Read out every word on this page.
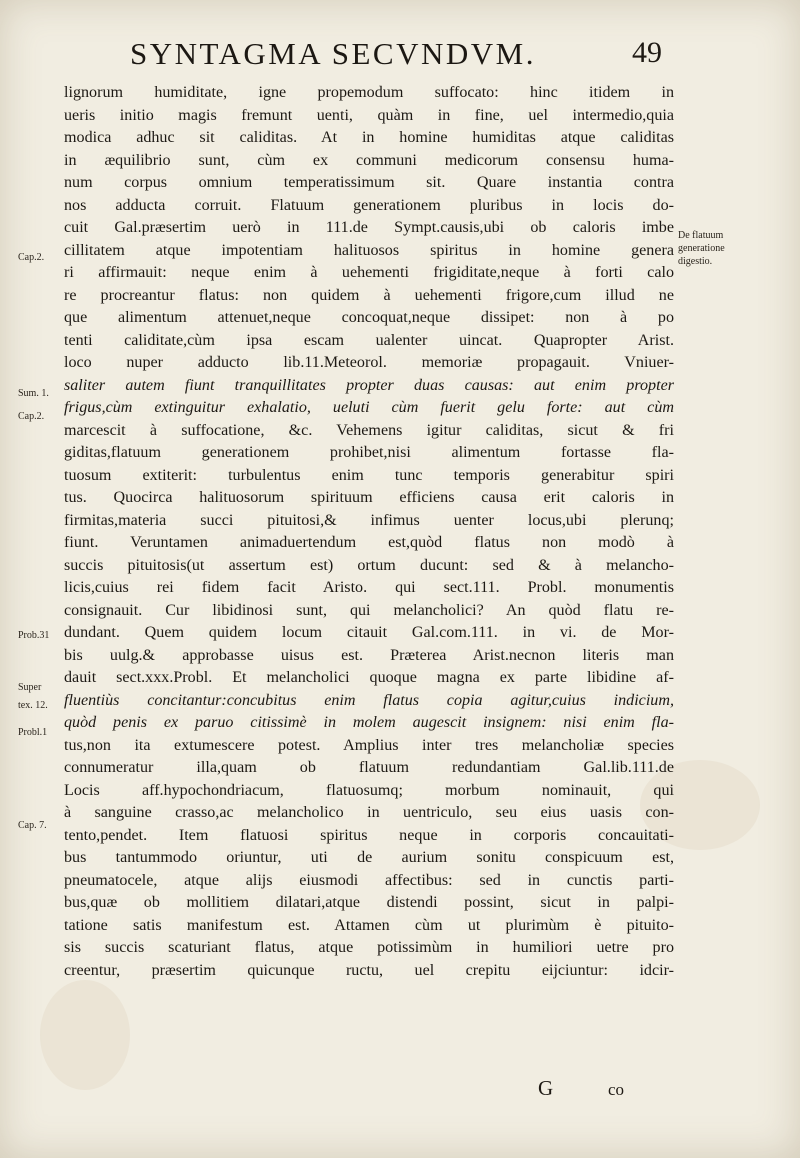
SYNTAGMA SECVNDVM.	49
Cap.2.
Sum. 1.
Cap.2.
Prob.31
Super
tex. 12.
Probl.1
Cap. 7.
De flatuum
generatione
digestio.
lignorum humiditate, igne propemodum suffocato: hinc itidem in
ueris initio magis fremunt uenti, quàm in fine, uel intermedio,quia
modica adhuc sit caliditas. At in homine humiditas atque caliditas
in æquilibrio sunt, cùm ex communi medicorum consensu huma-
num corpus omnium temperatissimum sit. Quare instantia contra
nos adducta corruit. Flatuum generationem pluribus in locis do-
cuit Gal.præsertim uerò in 111.de Sympt.causis,ubi ob caloris imbe
cillitatem atque impotentiam halituosos spiritus in homine genera
ri affirmauit: neque enim à uehementi frigiditate,neque à forti calo
re procreantur flatus: non quidem à uehementi frigore,cum illud ne
que alimentum attenuet,neque concoquat,neque dissipet: non à po
tenti caliditate,cùm ipsa escam ualenter uincat. Quapropter Arist.
loco nuper adducto lib.11.Meteorol. memoriæ propagauit. Vniuer-
saliter autem fiunt tranquillitates propter duas causas: aut enim propter
frigus,cùm extinguitur exhalatio, ueluti cùm fuerit gelu forte: aut cùm
marcescit à suffocatione, &c. Vehemens igitur caliditas, sicut & fri
giditas,flatuum generationem prohibet,nisi alimentum fortasse fla-
tuosum extiterit: turbulentus enim tunc temporis generabitur spiri
tus. Quocirca halituosorum spirituum efficiens causa erit caloris in
firmitas,materia succi pituitosi,& infimus uenter locus,ubi plerunq;
fiunt. Veruntamen animaduertendum est,quòd flatus non modò à
succis pituitosis(ut assertum est) ortum ducunt: sed & à melancho-
licis,cuius rei fidem facit Aristo. qui sect.111. Probl. monumentis
consignauit. Cur libidinosi sunt, qui melancholici? An quòd flatu re-
dundant. Quem quidem locum citauit Gal.com.111. in vi. de Mor-
bis uulg.& approbasse uisus est. Præterea Arist.necnon literis man
dauit sect.xxx.Probl. Et melancholici quoque magna ex parte libidine af-
fluentiùs concitantur:concubitus enim flatus copia agitur,cuius indicium,
quòd penis ex paruo citissimè in molem augescit insignem: nisi enim fla-
tus,non ita extumescere potest. Amplius inter tres melancholiæ species
connumeratur illa,quam ob flatuum redundantiam Gal.lib.111.de
Locis aff.hypochondriacum, flatuosumq; morbum nominauit, qui
à sanguine crasso,ac melancholico in uentriculo, seu eius uasis con-
tento,pendet. Item flatuosi spiritus neque in corporis concauitati-
bus tantummodo oriuntur, uti de aurium sonitu conspicuum est,
pneumatocele, atque alijs eiusmodi affectibus: sed in cunctis parti-
bus,quæ ob mollitiem dilatari,atque distendi possint, sicut in palpi-
tatione satis manifestum est. Attamen cùm ut plurimùm è pituito-
sis succis scaturiant flatus, atque potissimùm in humiliori uetre pro
creentur, præsertim quicunque ructu, uel crepitu eijciuntur: idcir-
G	co
